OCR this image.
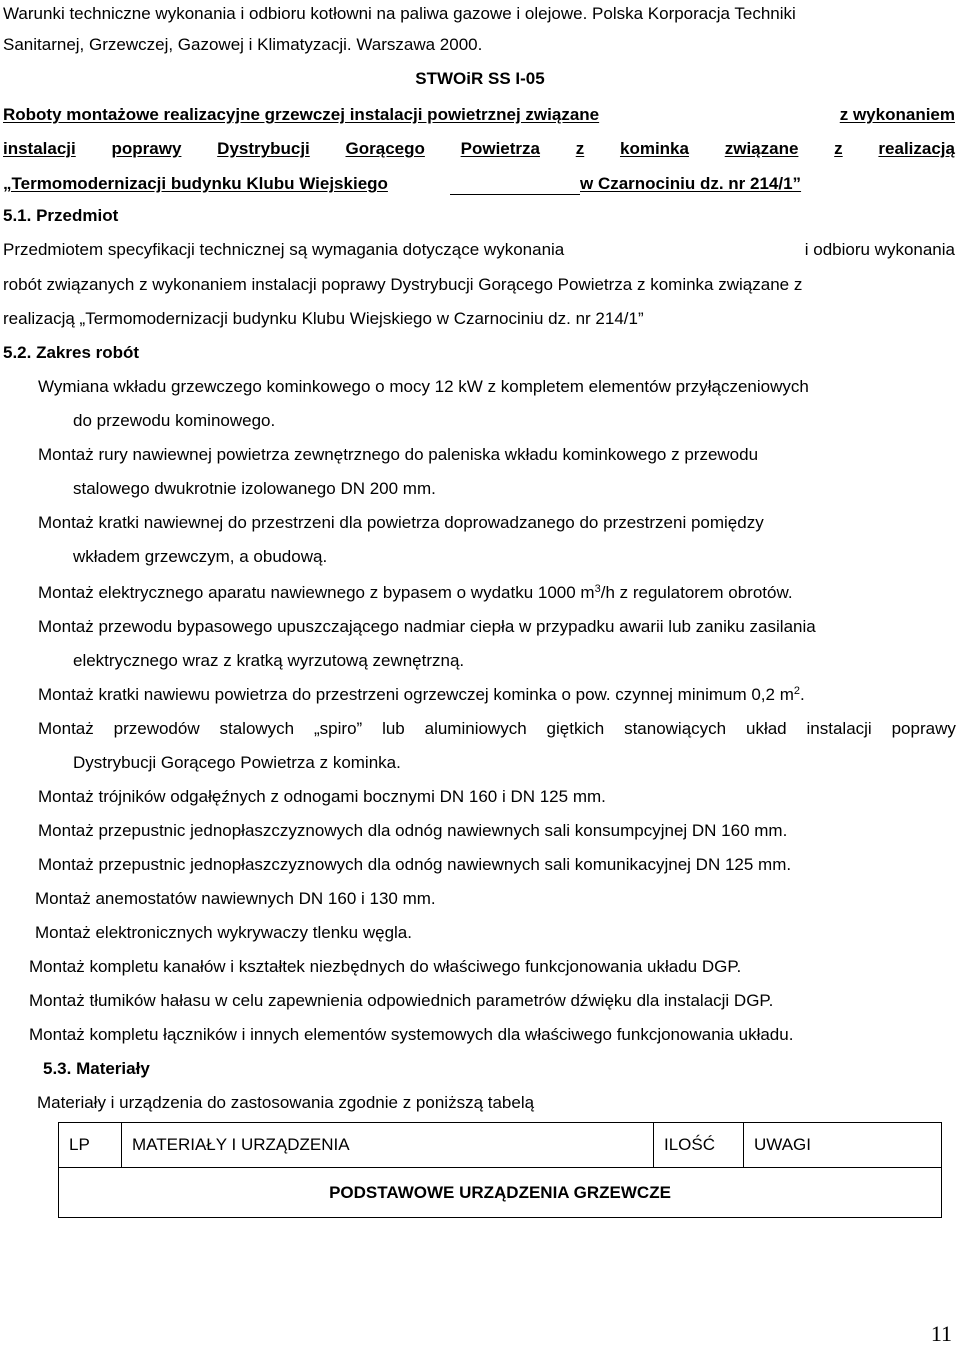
Warunki techniczne wykonania i odbioru kotłowni na paliwa gazowe i olejowe. Polska Korporacja Techniki
Sanitarnej, Grzewczej, Gazowej i Klimatyzacji. Warszawa 2000.
STWOiR SS I-05
Roboty montażowe realizacyjne grzewczej instalacji powietrznej związane	z wykonaniem
instalacji poprawy Dystrybucji Gorącego Powietrza z kominka związane z realizacją
„Termomodernizacji budynku Klubu Wiejskiego	w Czarnociniu dz. nr 214/1”
5.1. Przedmiot
Przedmiotem specyfikacji technicznej są wymagania dotyczące wykonania	i odbioru wykonania
robót związanych z wykonaniem instalacji poprawy Dystrybucji Gorącego Powietrza z kominka związane z
realizacją „Termomodernizacji budynku Klubu Wiejskiego w Czarnociniu dz. nr 214/1”
5.2. Zakres robót
Wymiana wkładu grzewczego kominkowego o mocy 12 kW z kompletem elementów przyłączeniowych
do przewodu kominowego.
Montaż rury nawiewnej powietrza zewnętrznego do paleniska wkładu kominkowego z przewodu
stalowego dwukrotnie izolowanego DN 200 mm.
Montaż kratki nawiewnej do przestrzeni dla powietrza doprowadzanego do przestrzeni pomiędzy
wkładem grzewczym, a obudową.
Montaż elektrycznego aparatu nawiewnego z bypasem o wydatku 1000 $m^3/h$ z regulatorem obrotów.
Montaż przewodu bypasowego upuszczającego nadmiar ciepła w przypadku awarii lub zaniku zasilania
elektrycznego wraz z kratką wyrzutową zewnętrzną.
Montaż kratki nawiewu powietrza do przestrzeni ogrzewczej kominka o pow. czynnej minimum 0,2 $m^2$.
Montaż przewodów stalowych „spiro” lub aluminiowych giętkich stanowiących układ instalacji poprawy
Dystrybucji Gorącego Powietrza z kominka.
Montaż trójników odgałęźnych z odnogami bocznymi DN 160 i DN 125 mm.
Montaż przepustnic jednopłaszczyznowych dla odnóg nawiewnych sali konsumpcyjnej DN 160 mm.
Montaż przepustnic jednopłaszczyznowych dla odnóg nawiewnych sali komunikacyjnej DN 125 mm.
Montaż anemostatów nawiewnych DN 160 i 130 mm.
Montaż elektronicznych wykrywaczy tlenku węgla.
Montaż kompletu kanałów i kształtek niezbędnych do właściwego funkcjonowania układu DGP.
Montaż tłumików hałasu w celu zapewnienia odpowiednich parametrów dźwięku dla instalacji DGP.
Montaż kompletu łączników i innych elementów systemowych dla właściwego funkcjonowania układu.
5.3. Materiały
Materiały i urządzenia do zastosowania zgodnie z poniższą tabelą
LP	MATERIAŁY I URZĄDZENIA	ILOŚĆ	UWAGI
PODSTAWOWE URZĄDZENIA GRZEWCZE
11
